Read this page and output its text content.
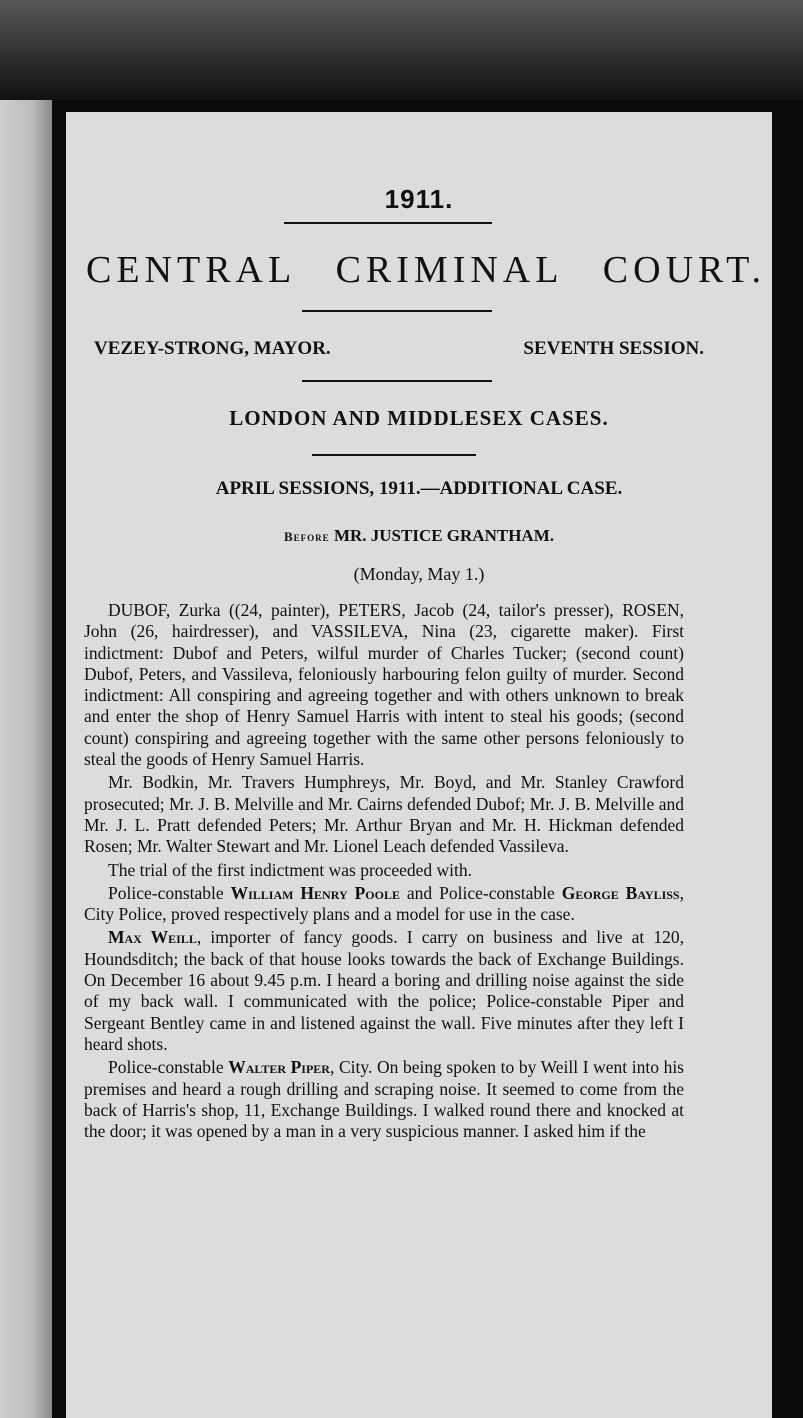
1911.
CENTRAL CRIMINAL COURT.
VEZEY-STRONG, MAYOR.	SEVENTH SESSION.
LONDON AND MIDDLESEX CASES.
APRIL SESSIONS, 1911.—ADDITIONAL CASE.
Before MR. JUSTICE GRANTHAM.
(Monday, May 1.)

DUBOF, Zurka ((24, painter), PETERS, Jacob (24, tailor's presser), ROSEN, John (26, hairdresser), and VASSILEVA, Nina (23, cigarette maker). First indictment: Dubof and Peters, wilful murder of Charles Tucker; (second count) Dubof, Peters, and Vassileva, feloniously harbouring felon guilty of murder. Second indictment: All conspiring and agreeing together and with others unknown to break and enter the shop of Henry Samuel Harris with intent to steal his goods; (second count) conspiring and agreeing together with the same other persons feloniously to steal the goods of Henry Samuel Harris.

Mr. Bodkin, Mr. Travers Humphreys, Mr. Boyd, and Mr. Stanley Crawford prosecuted; Mr. J. B. Melville and Mr. Cairns defended Dubof; Mr. J. B. Melville and Mr. J. L. Pratt defended Peters; Mr. Arthur Bryan and Mr. H. Hickman defended Rosen; Mr. Walter Stewart and Mr. Lionel Leach defended Vassileva.

The trial of the first indictment was proceeded with.

Police-constable William Henry Poole and Police-constable George Bayliss, City Police, proved respectively plans and a model for use in the case.

Max Weill, importer of fancy goods. I carry on business and live at 120, Houndsditch; the back of that house looks towards the back of Exchange Buildings. On December 16 about 9.45 p.m. I heard a boring and drilling noise against the side of my back wall. I communicated with the police; Police-constable Piper and Sergeant Bentley came in and listened against the wall. Five minutes after they left I heard shots.

Police-constable Walter Piper, City. On being spoken to by Weill I went into his premises and heard a rough drilling and scraping noise. It seemed to come from the back of Harris's shop, 11, Exchange Buildings. I walked round there and knocked at the door; it was opened by a man in a very suspicious manner. I asked him if the
